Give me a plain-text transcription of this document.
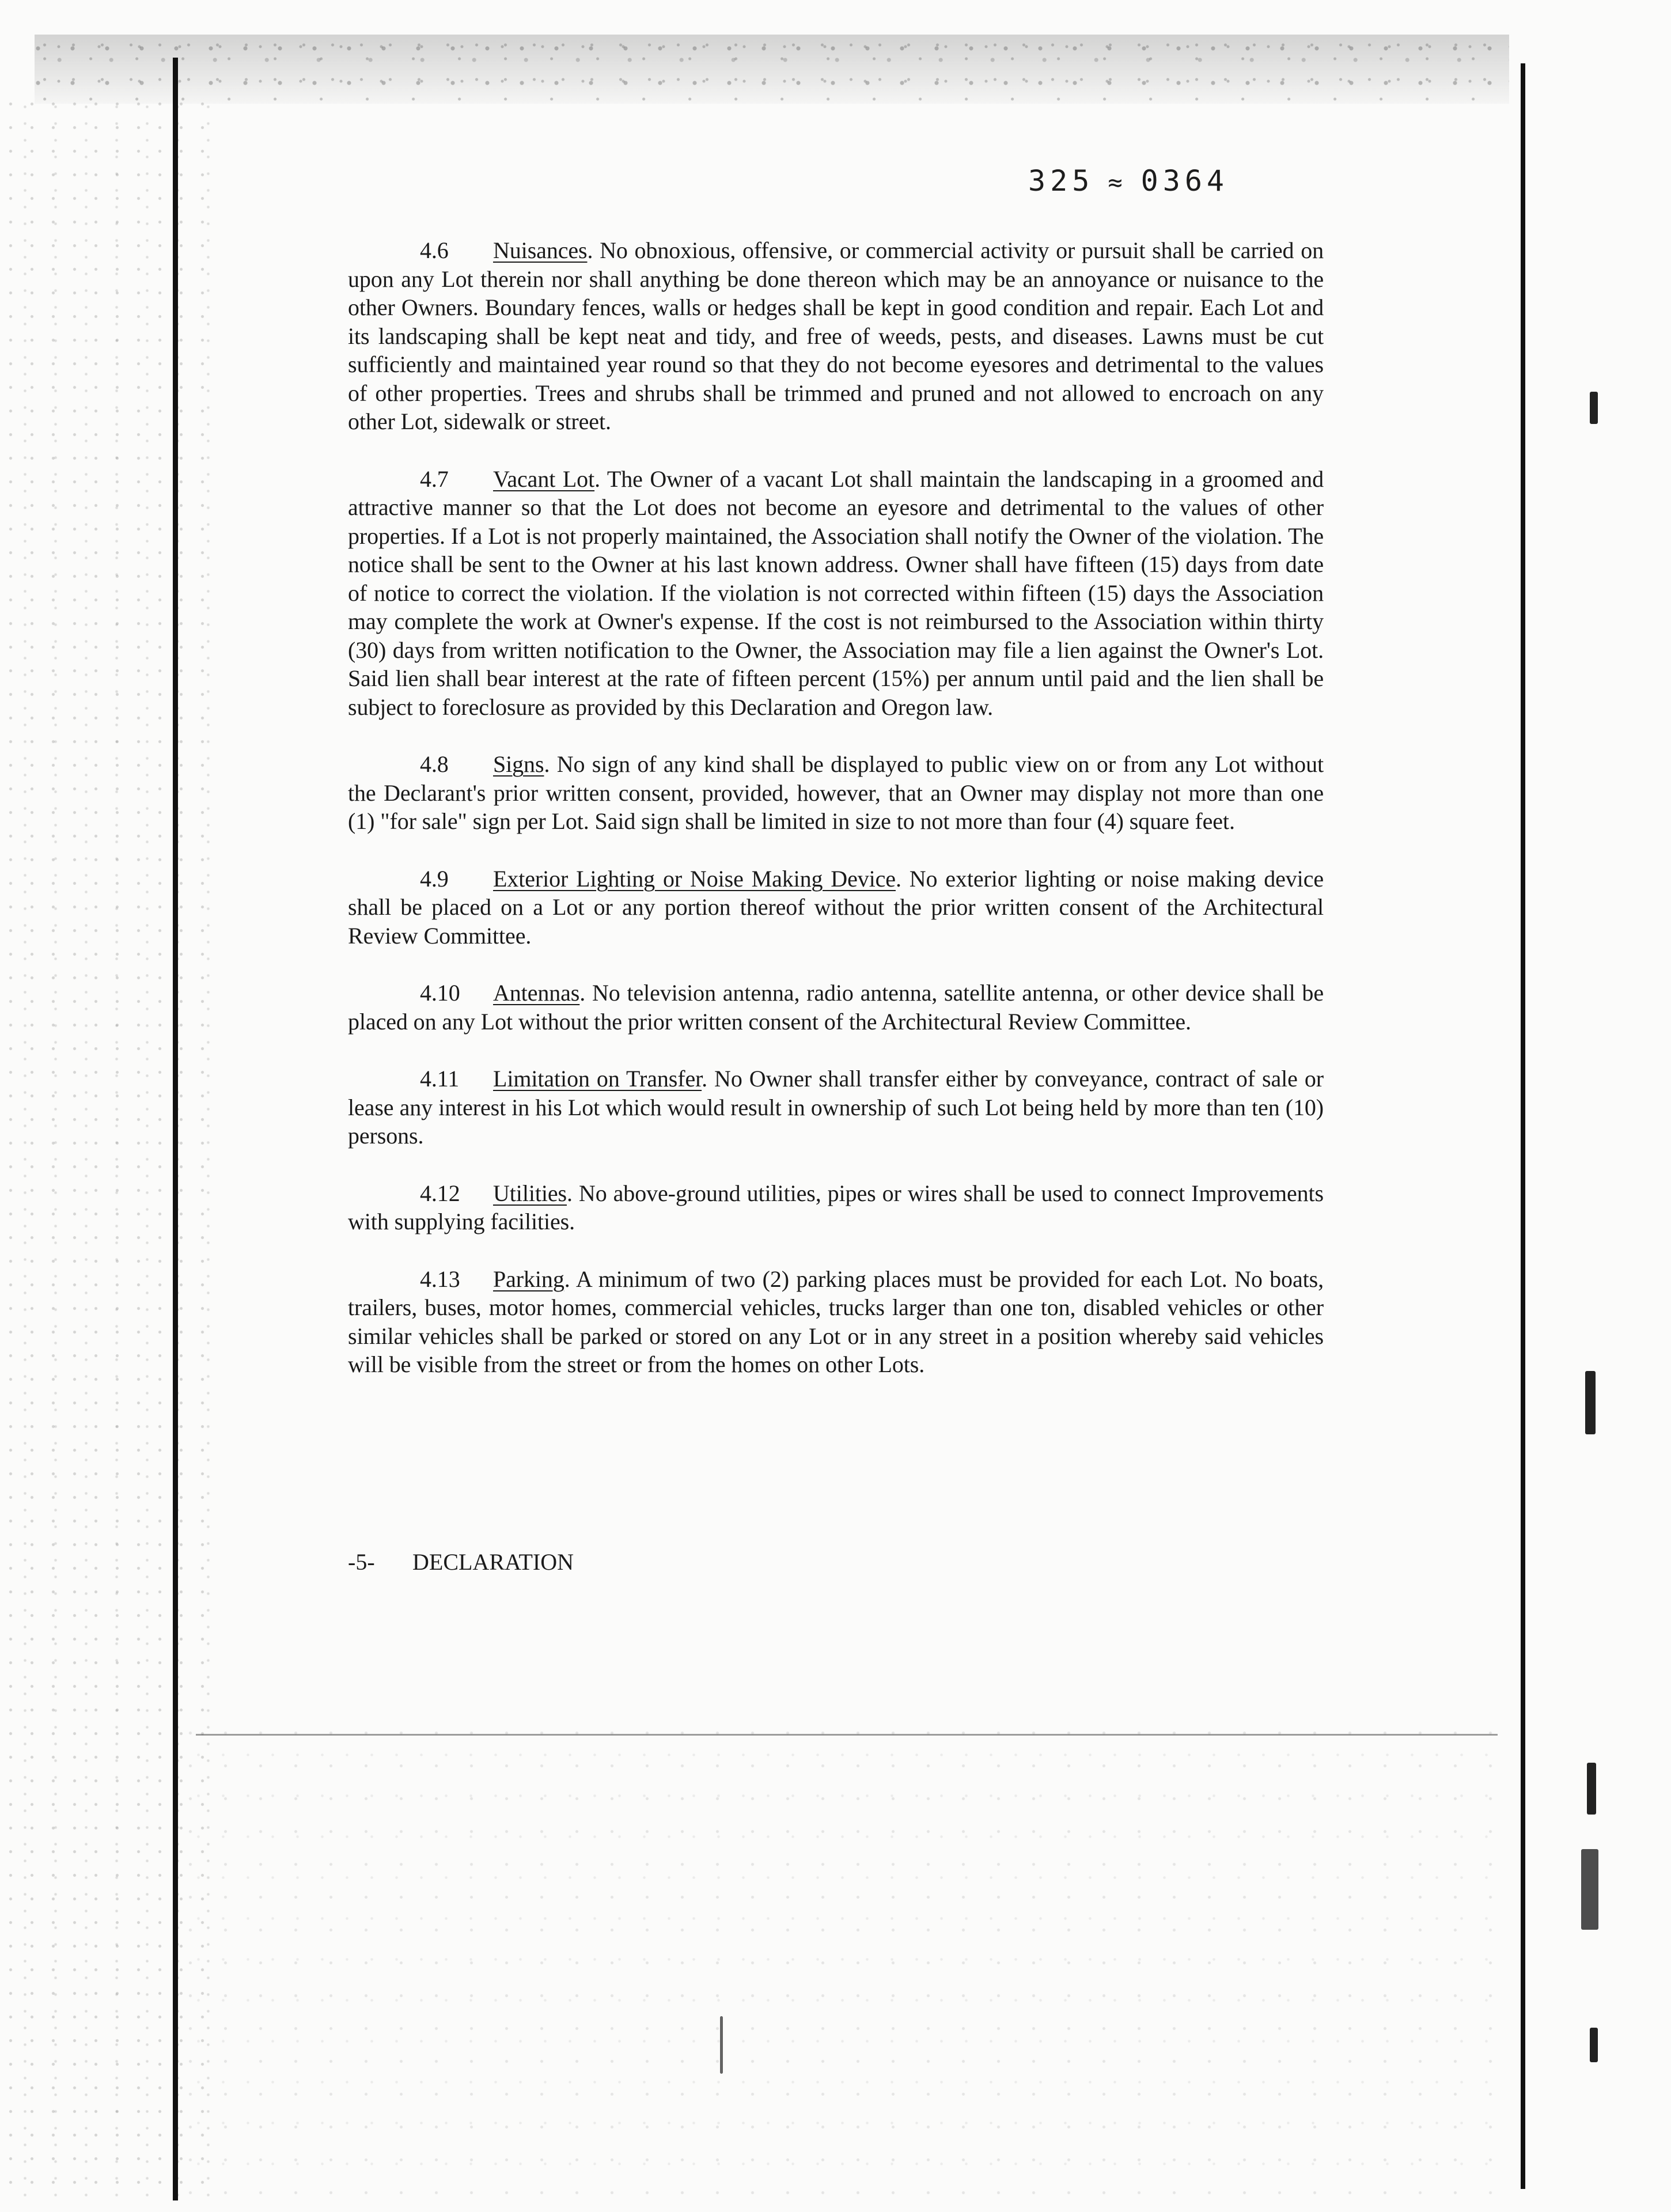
325 ≈ 0364

4.6 Nuisances. No obnoxious, offensive, or commercial activity or pursuit shall be carried on upon any Lot therein nor shall anything be done thereon which may be an annoyance or nuisance to the other Owners. Boundary fences, walls or hedges shall be kept in good condition and repair. Each Lot and its landscaping shall be kept neat and tidy, and free of weeds, pests, and diseases. Lawns must be cut sufficiently and maintained year round so that they do not become eyesores and detrimental to the values of other properties. Trees and shrubs shall be trimmed and pruned and not allowed to encroach on any other Lot, sidewalk or street.

4.7 Vacant Lot. The Owner of a vacant Lot shall maintain the landscaping in a groomed and attractive manner so that the Lot does not become an eyesore and detrimental to the values of other properties. If a Lot is not properly maintained, the Association shall notify the Owner of the violation. The notice shall be sent to the Owner at his last known address. Owner shall have fifteen (15) days from date of notice to correct the violation. If the violation is not corrected within fifteen (15) days the Association may complete the work at Owner's expense. If the cost is not reimbursed to the Association within thirty (30) days from written notification to the Owner, the Association may file a lien against the Owner's Lot. Said lien shall bear interest at the rate of fifteen percent (15%) per annum until paid and the lien shall be subject to foreclosure as provided by this Declaration and Oregon law.

4.8 Signs. No sign of any kind shall be displayed to public view on or from any Lot without the Declarant's prior written consent, provided, however, that an Owner may display not more than one (1) "for sale" sign per Lot. Said sign shall be limited in size to not more than four (4) square feet.

4.9 Exterior Lighting or Noise Making Device. No exterior lighting or noise making device shall be placed on a Lot or any portion thereof without the prior written consent of the Architectural Review Committee.

4.10 Antennas. No television antenna, radio antenna, satellite antenna, or other device shall be placed on any Lot without the prior written consent of the Architectural Review Committee.

4.11 Limitation on Transfer. No Owner shall transfer either by conveyance, contract of sale or lease any interest in his Lot which would result in ownership of such Lot being held by more than ten (10) persons.

4.12 Utilities. No above-ground utilities, pipes or wires shall be used to connect Improvements with supplying facilities.

4.13 Parking. A minimum of two (2) parking places must be provided for each Lot. No boats, trailers, buses, motor homes, commercial vehicles, trucks larger than one ton, disabled vehicles or other similar vehicles shall be parked or stored on any Lot or in any street in a position whereby said vehicles will be visible from the street or from the homes on other Lots.

-5- DECLARATION
